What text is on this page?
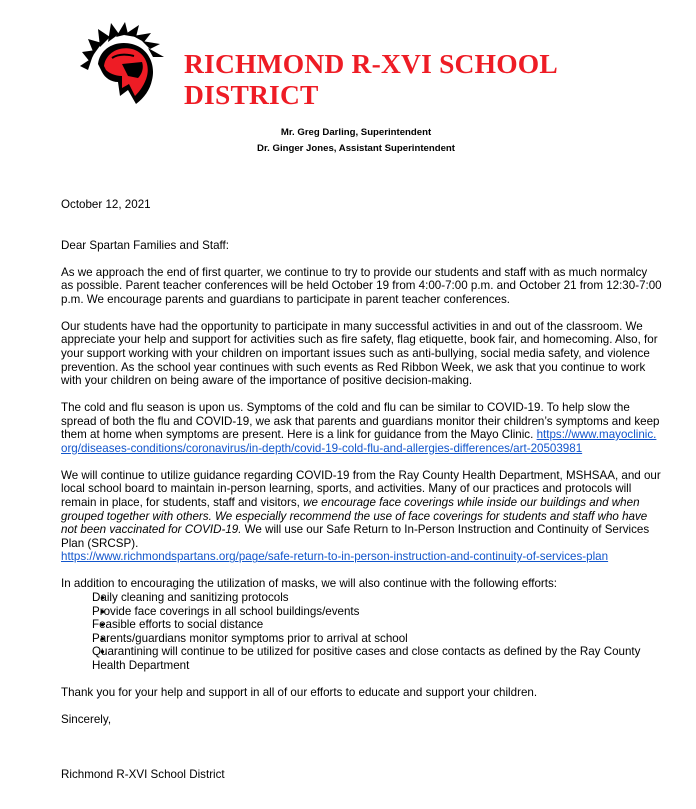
RICHMOND R-XVI SCHOOL
DISTRICT
Mr. Greg Darling, Superintendent
Dr. Ginger Jones, Assistant Superintendent

October 12, 2021

Dear Spartan Families and Staff:

As we approach the end of first quarter, we continue to try to provide our students and staff with as much normalcy as possible. Parent teacher conferences will be held October 19 from 4:00-7:00 p.m. and October 21 from 12:30-7:00 p.m. We encourage parents and guardians to participate in parent teacher conferences.

Our students have had the opportunity to participate in many successful activities in and out of the classroom. We appreciate your help and support for activities such as fire safety, flag etiquette, book fair, and homecoming. Also, for your support working with your children on important issues such as anti-bullying, social media safety, and violence prevention. As the school year continues with such events as Red Ribbon Week, we ask that you continue to work with your children on being aware of the importance of positive decision-making.

The cold and flu season is upon us. Symptoms of the cold and flu can be similar to COVID-19. To help slow the spread of both the flu and COVID-19, we ask that parents and guardians monitor their children’s symptoms and keep them at home when symptoms are present. Here is a link for guidance from the Mayo Clinic. https://www.mayoclinic.org/diseases-conditions/coronavirus/in-depth/covid-19-cold-flu-and-allergies-differences/art-20503981

We will continue to utilize guidance regarding COVID-19 from the Ray County Health Department, MSHSAA, and our local school board to maintain in-person learning, sports, and activities. Many of our practices and protocols will remain in place, for students, staff and visitors, we encourage face coverings while inside our buildings and when grouped together with others. We especially recommend the use of face coverings for students and staff who have not been vaccinated for COVID-19. We will use our Safe Return to In-Person Instruction and Continuity of Services Plan (SRCSP).
https://www.richmondspartans.org/page/safe-return-to-in-person-instruction-and-continuity-of-services-plan

In addition to encouraging the utilization of masks, we will also continue with the following efforts:

● Daily cleaning and sanitizing protocols
● Provide face coverings in all school buildings/events
● Feasible efforts to social distance
● Parents/guardians monitor symptoms prior to arrival at school
● Quarantining will continue to be utilized for positive cases and close contacts as defined by the Ray County Health Department

Thank you for your help and support in all of our efforts to educate and support your children.

Sincerely,

Richmond R-XVI School District
